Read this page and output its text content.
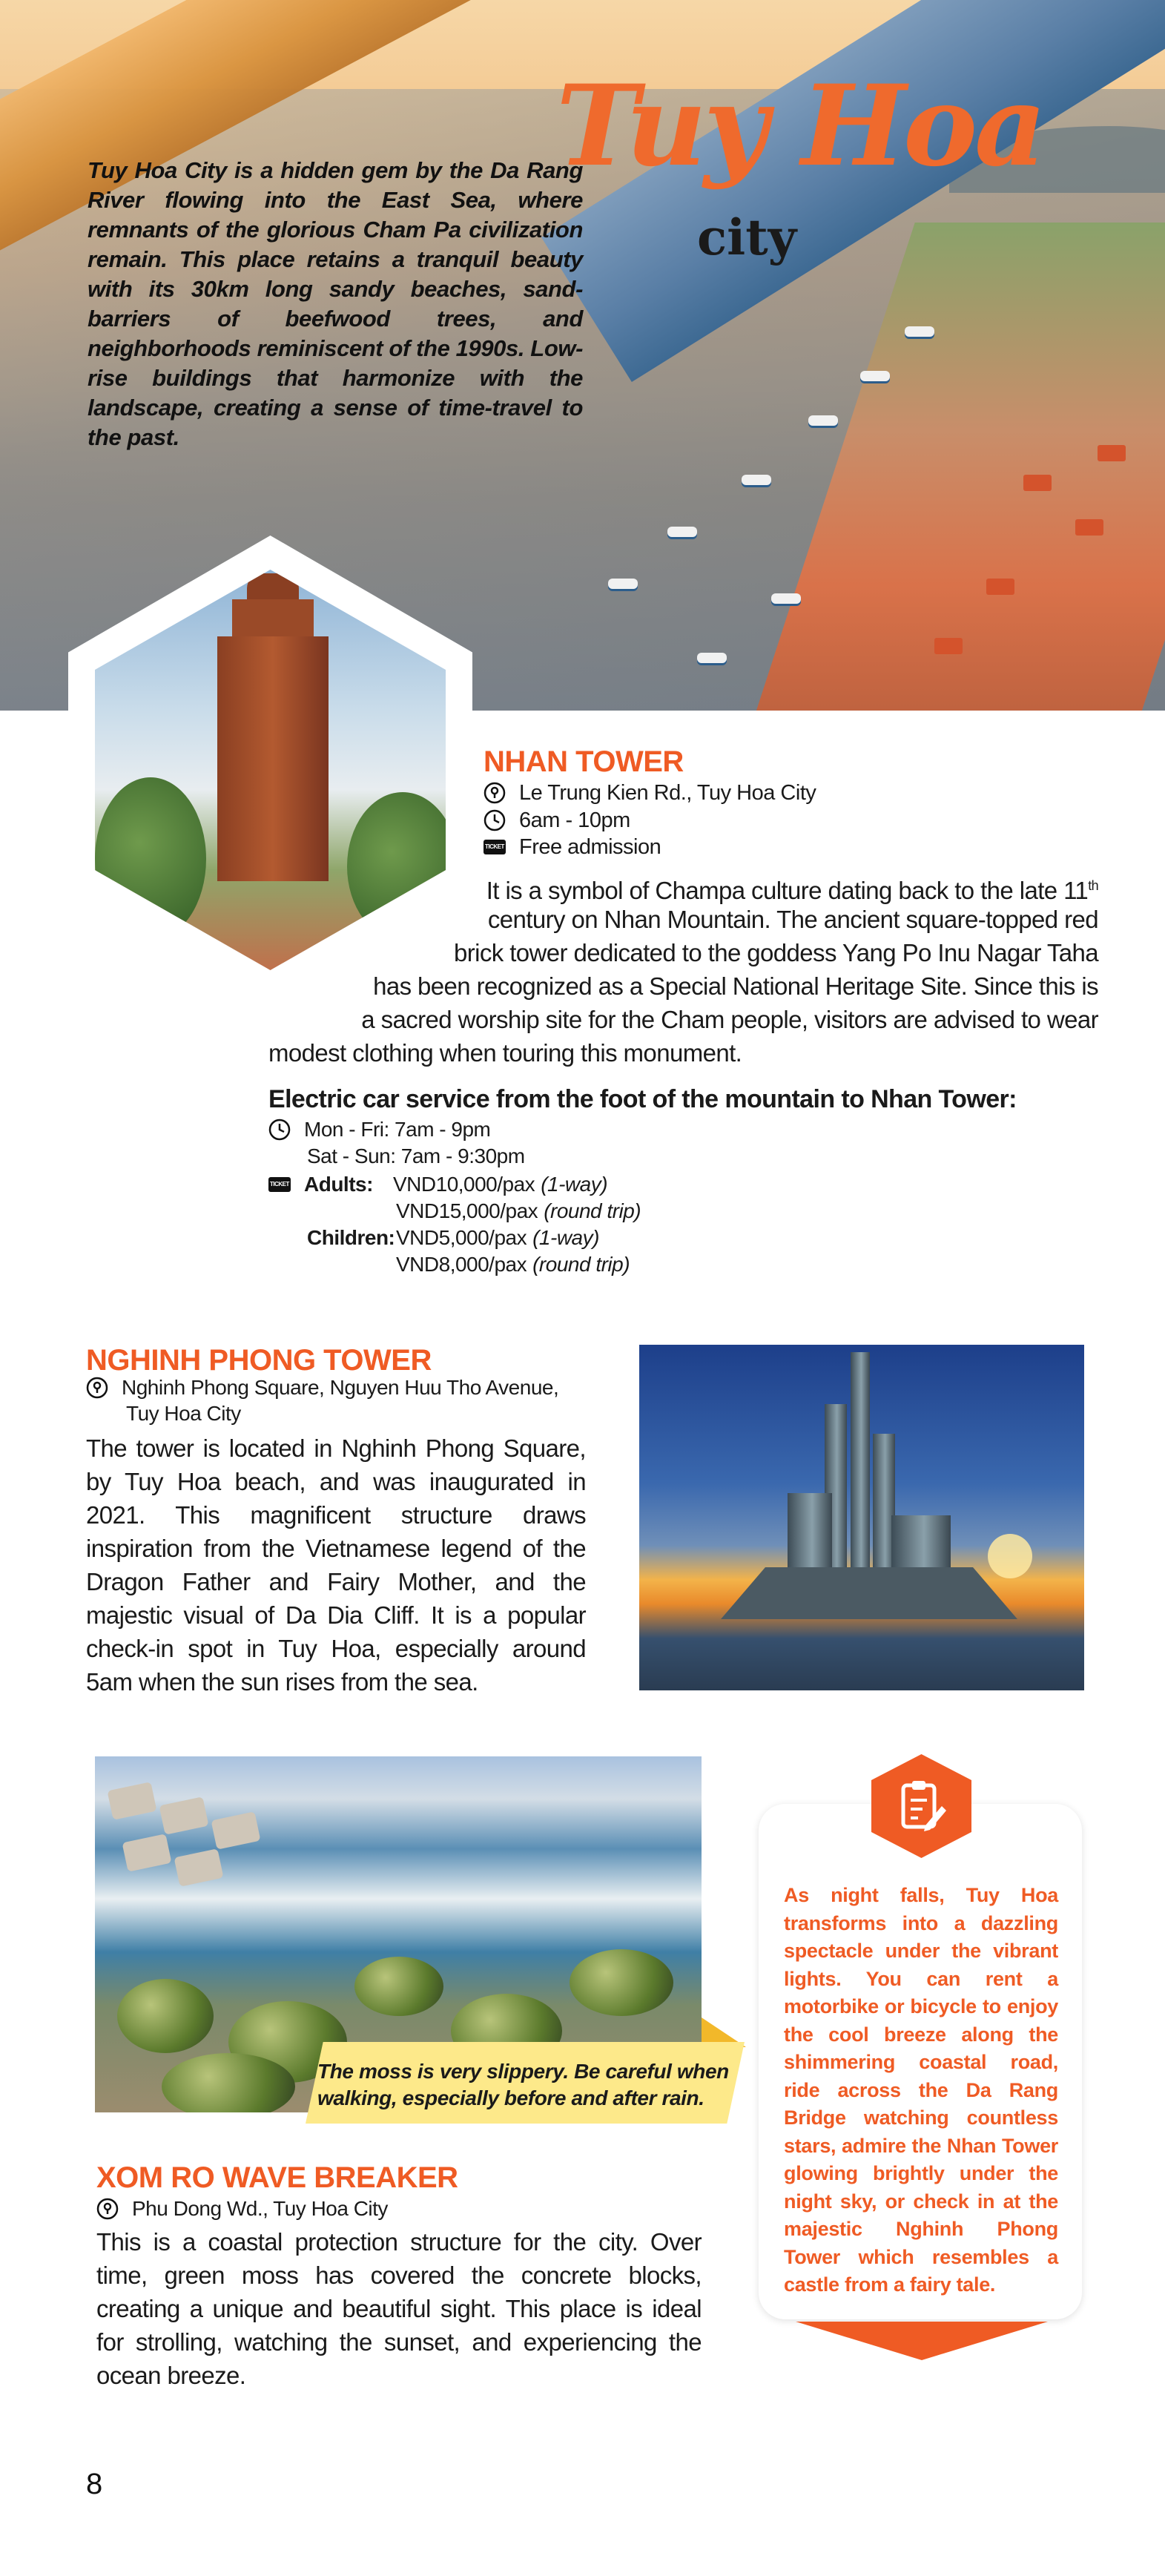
Tuy Hoa City is a hidden gem by the Da Rang River flowing into the East Sea, where remnants of the glorious Cham Pa civilization remain. This place retains a tranquil beauty with its 30km long sandy beaches, sand-barriers of beefwood trees, and neighborhoods reminiscent of the 1990s. Low-rise buildings that harmonize with the landscape, creating a sense of time-travel to the past.

Tuy Hoa
city
NHAN TOWER
Le Trung Kien Rd., Tuy Hoa City
6am - 10pm
TICKET
Free admission

It is a symbol of Champa culture dating back to the late 11th

century on Nhan Mountain. The ancient square-topped red

brick tower dedicated to the goddess Yang Po Inu Nagar Taha

has been recognized as a Special National Heritage Site. Since this is

a sacred worship site for the Cham people, visitors are advised to wear

modest clothing when touring this monument.

Electric car service from the foot of the mountain to Nhan Tower:
Mon - Fri: 7am - 9pm
Sat - Sun: 7am - 9:30pm
TICKET
Adults: VND10,000/pax (1-way)
VND15,000/pax (round trip)
Children: VND5,000/pax (1-way)
VND8,000/pax (round trip)
NGHINH PHONG TOWER
Nghinh Phong Square, Nguyen Huu Tho Avenue,
Tuy Hoa City

The tower is located in Nghinh Phong Square, by Tuy Hoa beach, and was inaugurated in 2021. This magnificent structure draws inspiration from the Vietnamese legend of the Dragon Father and Fairy Mother, and the majestic visual of Da Dia Cliff. It is a popular check-in spot in Tuy Hoa, especially around 5am when the sun rises from the sea.

The moss is very slippery. Be careful when walking, especially before and after rain.

XOM RO WAVE BREAKER
Phu Dong Wd., Tuy Hoa City

This is a coastal protection structure for the city. Over time, green moss has covered the concrete blocks, creating a unique and beautiful sight. This place is ideal for strolling, watching the sunset, and experiencing the ocean breeze.

As night falls, Tuy Hoa transforms into a dazzling spectacle under the vibrant lights. You can rent a motorbike or bicycle to enjoy the cool breeze along the shimmering coastal road, ride across the Da Rang Bridge watching countless stars, admire the Nhan Tower glowing brightly under the night sky, or check in at the majestic Nghinh Phong Tower which resembles a castle from a fairy tale.

8
